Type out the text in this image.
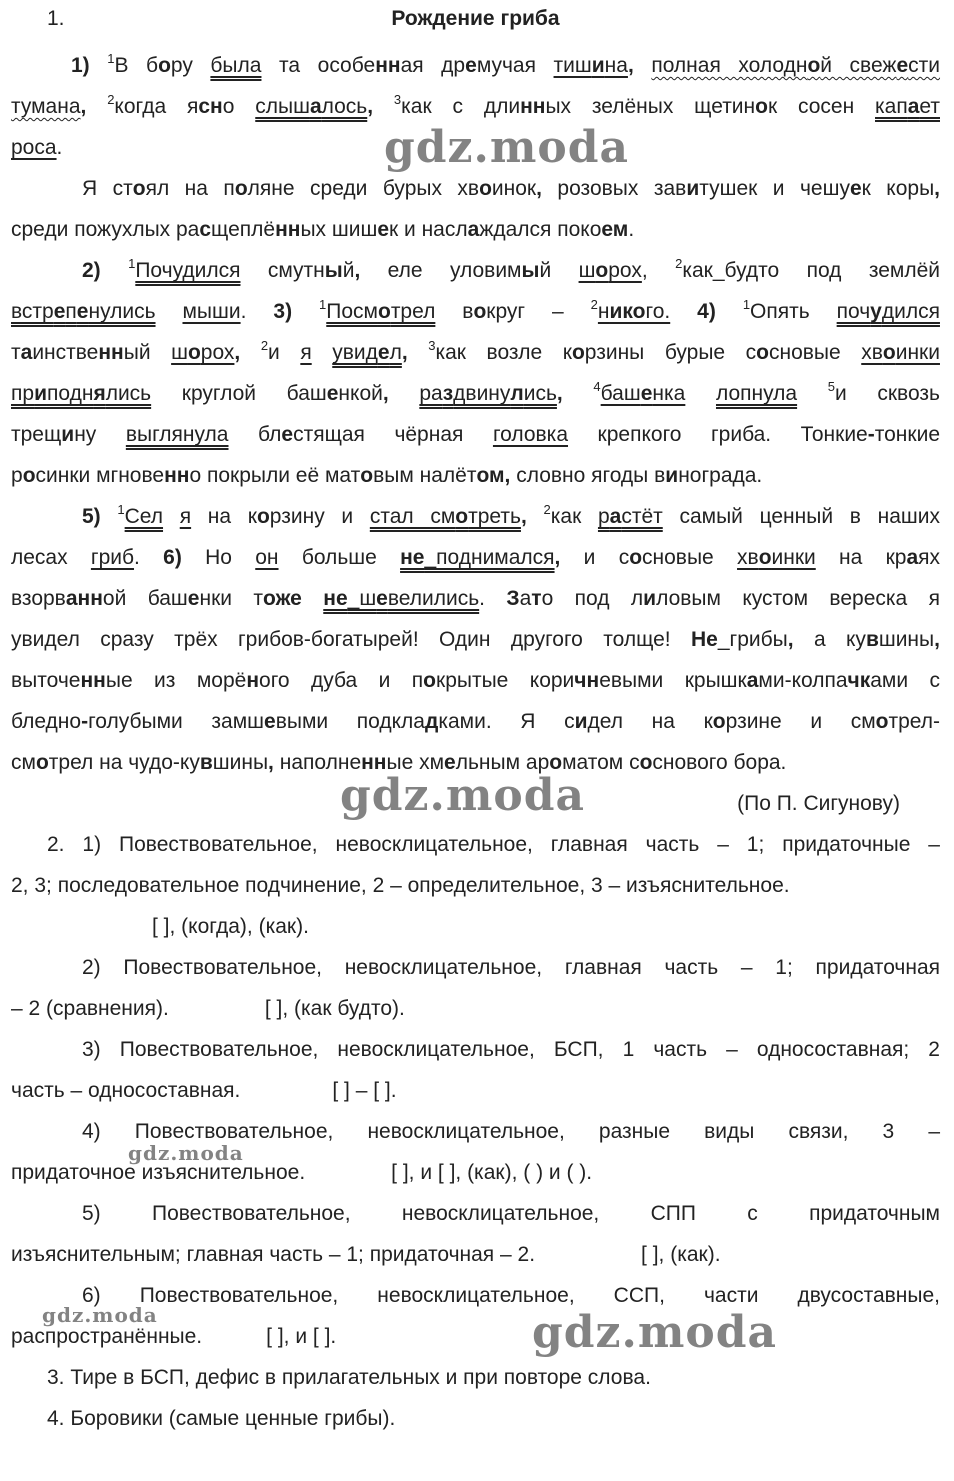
1.	Рождение гриба
1) $^1$В бору была та особенная дремучая тишина, полная холодной свежести
тумана, $^2$когда ясно слышалось, $^3$как с длинных зелёных щетинок сосен капает
роса.
Я стоял на поляне среди бурых хвоинок, розовых завитушек и чешуек коры,
среди пожухлых расщеплённых шишек и наслаждался покоем.
2) $^1$Почудился смутный, еле уловимый шорох, $^2$как_будто под землёй
встрепенулись мыши. 3) $^1$Посмотрел вокруг – $^2$никого. 4) $^1$Опять почудился
таинственный шорох, $^2$и я увидел, $^3$как возле корзины бурые сосновые хвоинки
приподнялись круглой башенкой, раздвинулись, $^4$башенка лопнула $^5$и сквозь
трещину выглянула блестящая чёрная головка крепкого гриба. Тонкие-тонкие
росинки мгновенно покрыли её матовым налётом, словно ягоды винограда.
5) $^1$Сел я на корзину и стал смотреть, $^2$как растёт самый ценный в наших
лесах гриб. 6) Но он больше не_поднимался, и сосновые хвоинки на краях
взорванной башенки тоже не_шевелились. Зато под лиловым кустом вереска я
увидел сразу трёх грибов-богатырей! Один другого толще! Не_грибы, а кувшины,
выточенные из морёного дуба и покрытые коричневыми крышками-колпачками с
бледно-голубыми замшевыми подкладками. Я сидел на корзине и смотрел-
смотрел на чудо-кувшины, наполненные хмельным ароматом соснового бора.
(По П. Сигунову)
2. 1) Повествовательное, невосклицательное, главная часть – 1; придаточные –
2, 3; последовательное подчинение, 2 – определительное, 3 – изъяснительное.
[ ], (когда), (как).
2) Повествовательное, невосклицательное, главная часть – 1; придаточная
– 2 (сравнения).	[ ], (как будто).
3) Повествовательное, невосклицательное, БСП, 1 часть – односоставная; 2
часть – односоставная.	[ ] – [ ].
4) Повествовательное, невосклицательное, разные виды связи, 3 –
придаточное изъяснительное.	[ ], и [ ], (как), ( ) и ( ).
5) Повествовательное, невосклицательное, СПП с придаточным
изъяснительным; главная часть – 1; придаточная – 2.	[ ], (как).
6) Повествовательное, невосклицательное, ССП, части двусоставные,
распространённые.	[ ], и [ ].
3. Тире в БСП, дефис в прилагательных и при повторе слова.
4. Боровики (самые ценные грибы).
gdz.moda
gdz.moda
gdz.moda
gdz.moda	gdz.moda
